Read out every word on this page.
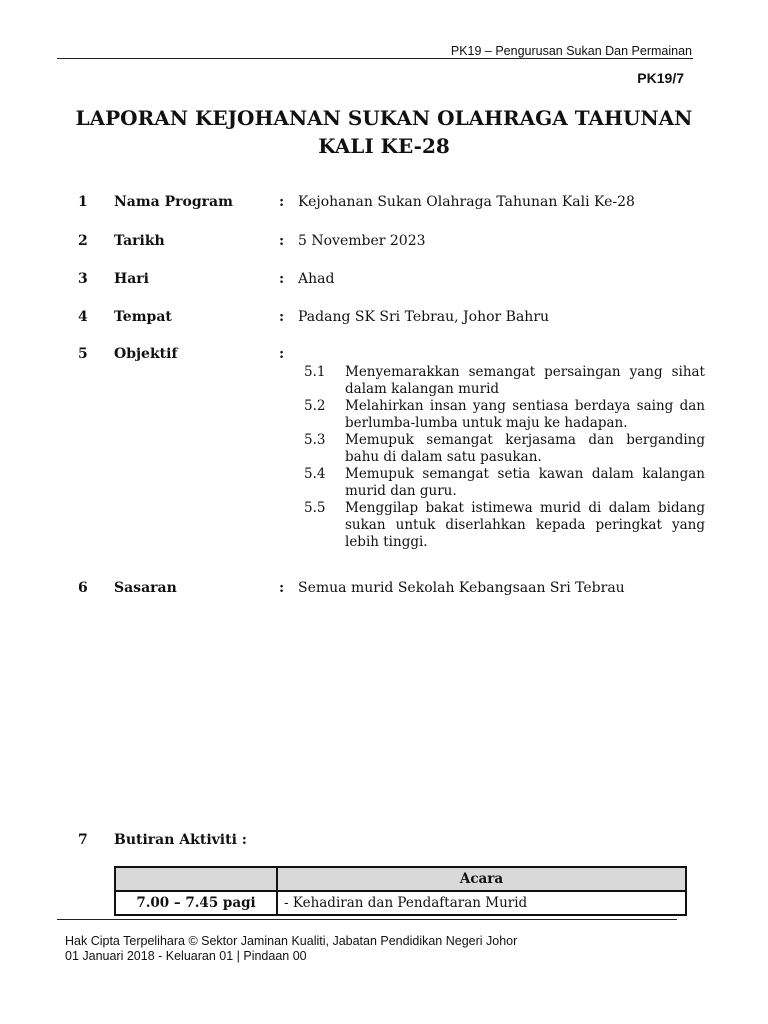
PK19 – Pengurusan Sukan Dan Permainan
PK19/7
LAPORAN KEJOHANAN SUKAN OLAHRAGA TAHUNAN
KALI KE-28
1 Nama Program	: Kejohanan Sukan Olahraga Tahunan Kali Ke-28
2 Tarikh	: 5 November 2023
3 Hari	: Ahad
4 Tempat	: Padang SK Sri Tebrau, Johor Bahru
5 Objektif	:
5.1 Menyemarakkan semangat persaingan yang sihat dalam kalangan murid
5.2 Melahirkan insan yang sentiasa berdaya saing dan berlumba-lumba untuk maju ke hadapan.
5.3 Memupuk semangat kerjasama dan berganding bahu di dalam satu pasukan.
5.4 Memupuk semangat setia kawan dalam kalangan murid dan guru.
5.5 Menggilap bakat istimewa murid di dalam bidang sukan untuk diserlahkan kepada peringkat yang lebih tinggi.
6 Sasaran	: Semua murid Sekolah Kebangsaan Sri Tebrau
7 Butiran Aktiviti :
	Acara
7.00 – 7.45 pagi	- Kehadiran dan Pendaftaran Murid
Hak Cipta Terpelihara © Sektor Jaminan Kualiti, Jabatan Pendidikan Negeri Johor
01 Januari 2018 - Keluaran 01 | Pindaan 00
